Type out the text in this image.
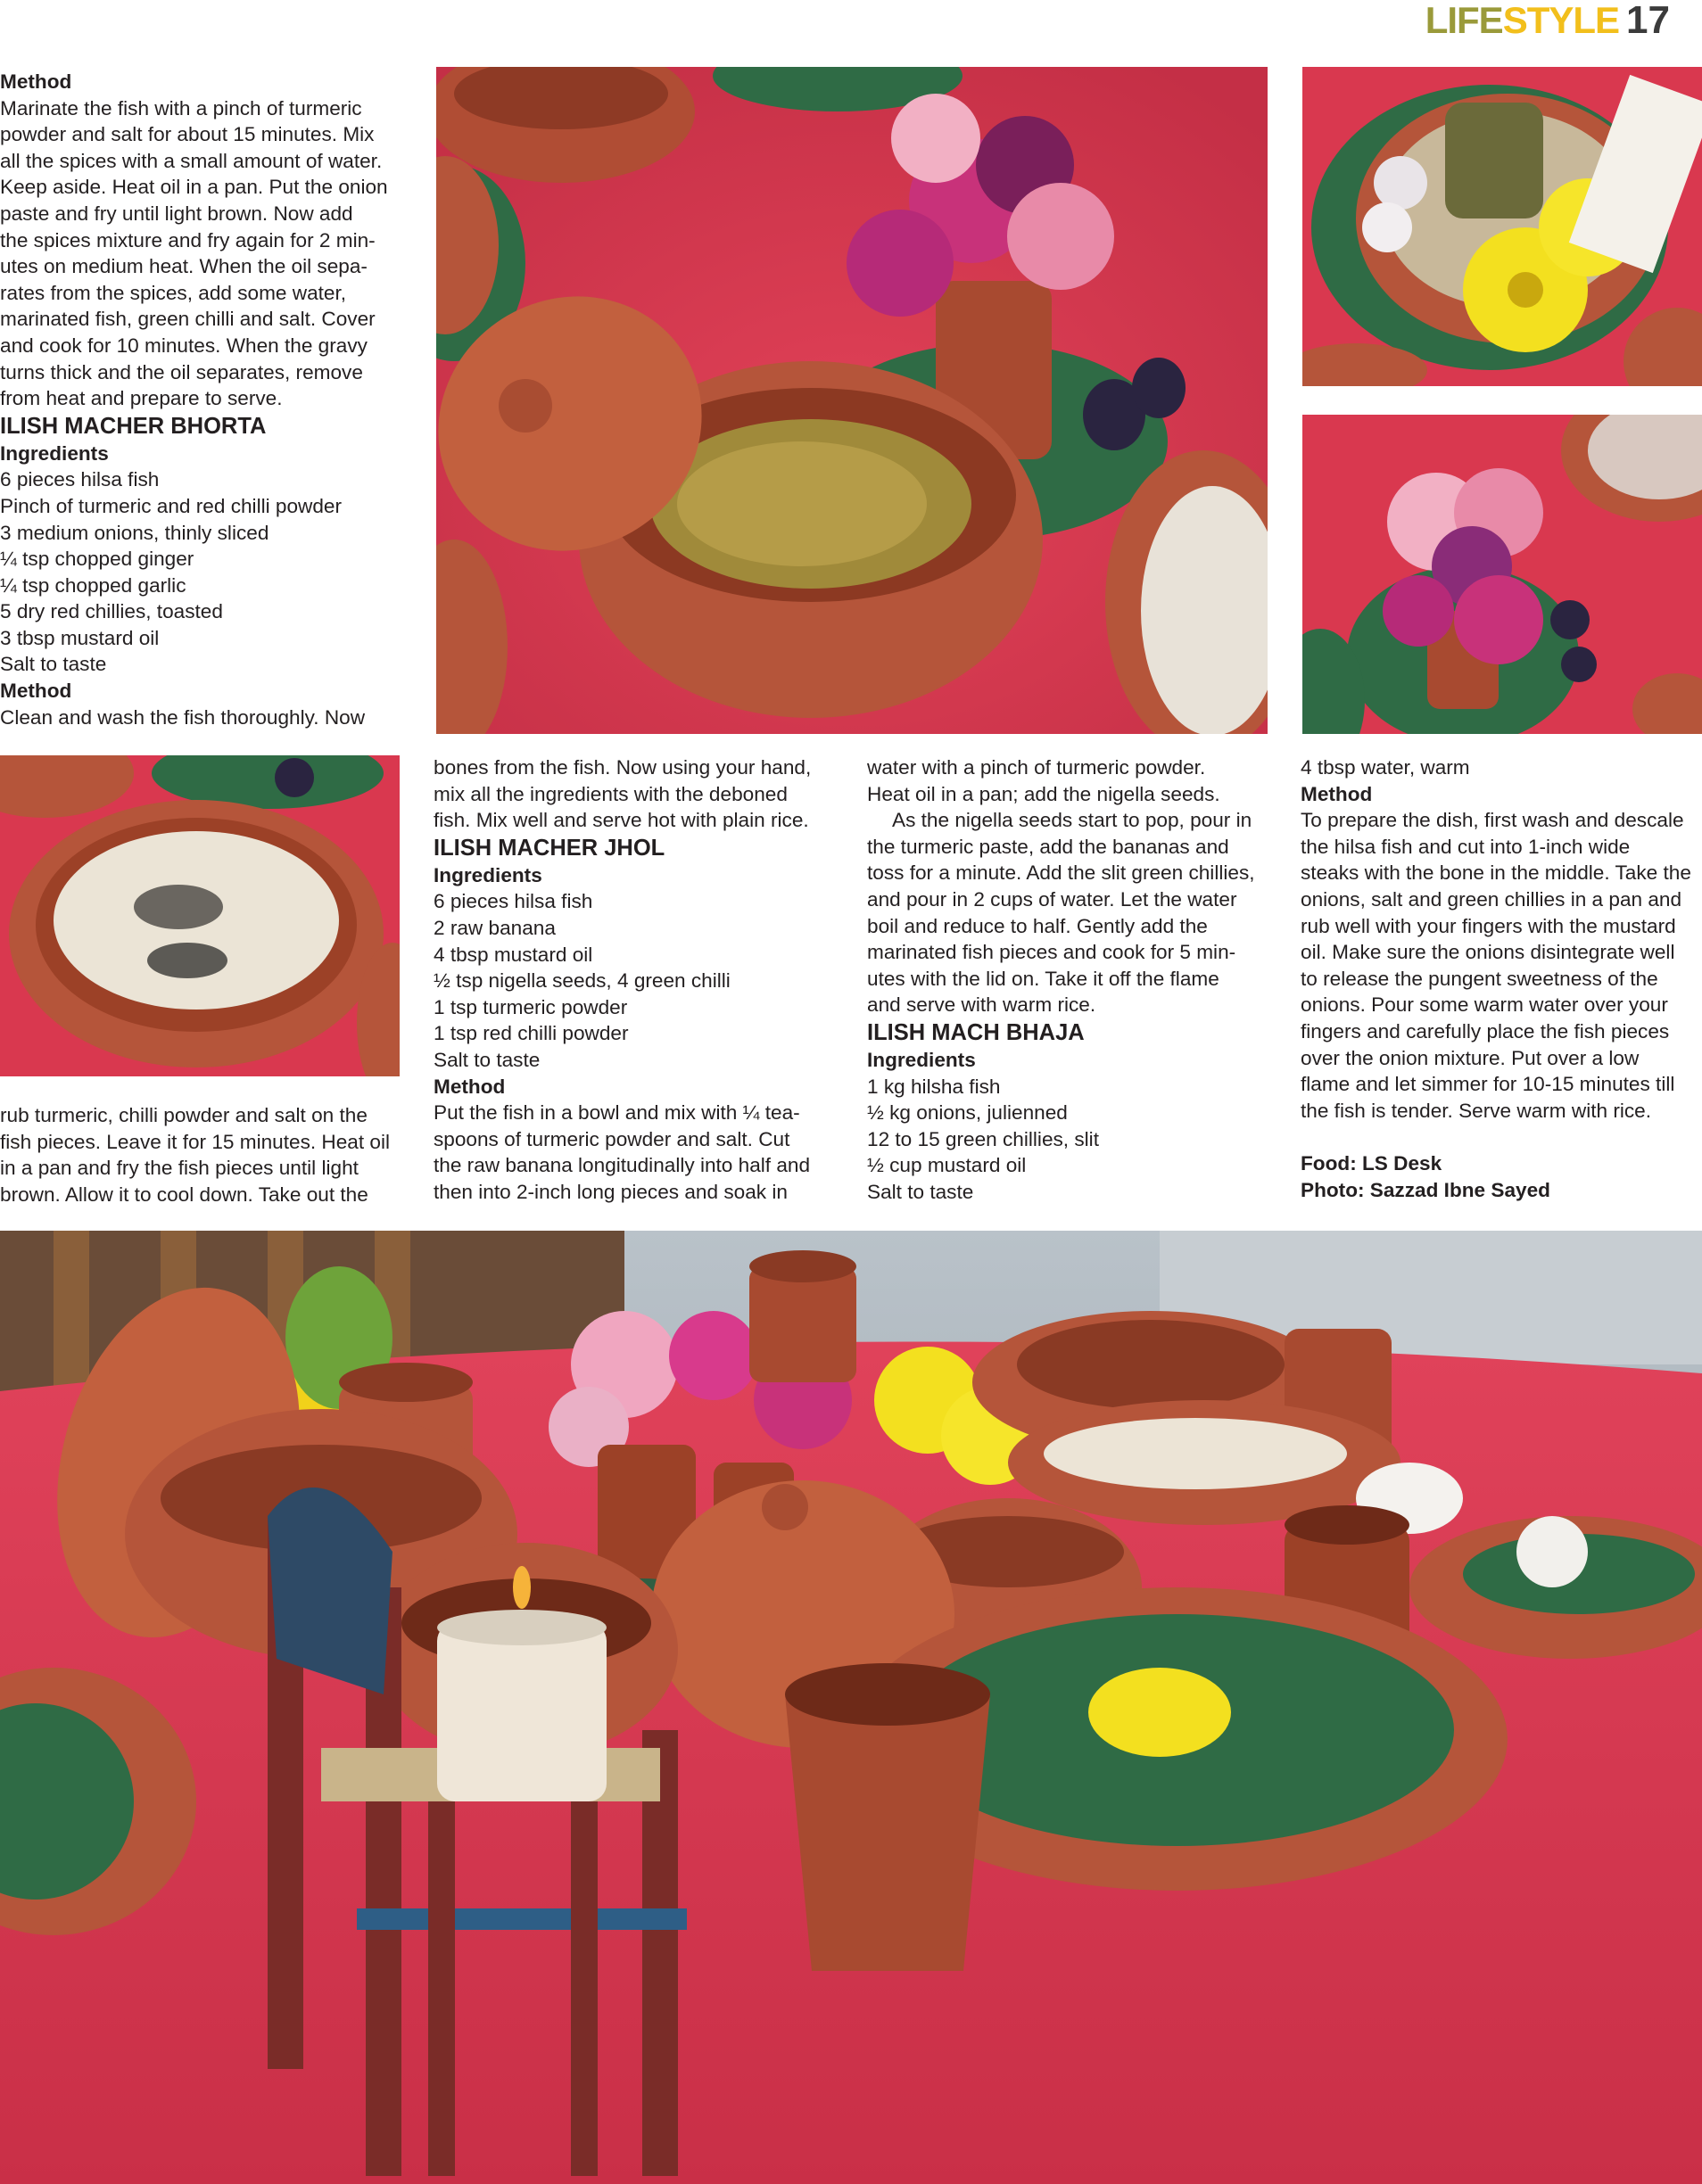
LIFESTYLE 17

Method

Marinate the fish with a pinch of turmeric

powder and salt for about 15 minutes. Mix

all the spices with a small amount of water.

Keep aside. Heat oil in a pan. Put the onion

paste and fry until light brown. Now add

the spices mixture and fry again for 2 min-

utes on medium heat. When the oil sepa-

rates from the spices, add some water,

marinated fish, green chilli and salt. Cover

and cook for 10 minutes. When the gravy

turns thick and the oil separates, remove

from heat and prepare to serve.

ILISH MACHER BHORTA

Ingredients

6 pieces hilsa fish

Pinch of turmeric and red chilli powder

3 medium onions, thinly sliced

¼ tsp chopped ginger

¼ tsp chopped garlic

5 dry red chillies, toasted

3 tbsp mustard oil

Salt to taste

Method

Clean and wash the fish thoroughly. Now

rub turmeric, chilli powder and salt on the

fish pieces. Leave it for 15 minutes. Heat oil

in a pan and fry the fish pieces until light

brown. Allow it to cool down. Take out the

bones from the fish. Now using your hand,

mix all the ingredients with the deboned

fish. Mix well and serve hot with plain rice.

ILISH MACHER JHOL

Ingredients

6 pieces hilsa fish

2 raw banana

4 tbsp mustard oil

½ tsp nigella seeds, 4 green chilli

1 tsp turmeric powder

1 tsp red chilli powder

Salt to taste

Method

Put the fish in a bowl and mix with ¼ tea-

spoons of turmeric powder and salt. Cut

the raw banana longitudinally into half and

then into 2-inch long pieces and soak in

water with a pinch of turmeric powder.

Heat oil in a pan; add the nigella seeds.

As the nigella seeds start to pop, pour in

the turmeric paste, add the bananas and

toss for a minute. Add the slit green chillies,

and pour in 2 cups of water. Let the water

boil and reduce to half. Gently add the

marinated fish pieces and cook for 5 min-

utes with the lid on. Take it off the flame

and serve with warm rice.

ILISH MACH BHAJA

Ingredients

1 kg hilsha fish

½ kg onions, julienned

12 to 15 green chillies, slit

½ cup mustard oil

Salt to taste

4 tbsp water, warm

Method

To prepare the dish, first wash and descale

the hilsa fish and cut into 1-inch wide

steaks with the bone in the middle. Take the

onions, salt and green chillies in a pan and

rub well with your fingers with the mustard

oil. Make sure the onions disintegrate well

to release the pungent sweetness of the

onions. Pour some warm water over your

fingers and carefully place the fish pieces

over the onion mixture. Put over a low

flame and let simmer for 10-15 minutes till

the fish is tender. Serve warm with rice.

Food: LS Desk

Photo: Sazzad Ibne Sayed
